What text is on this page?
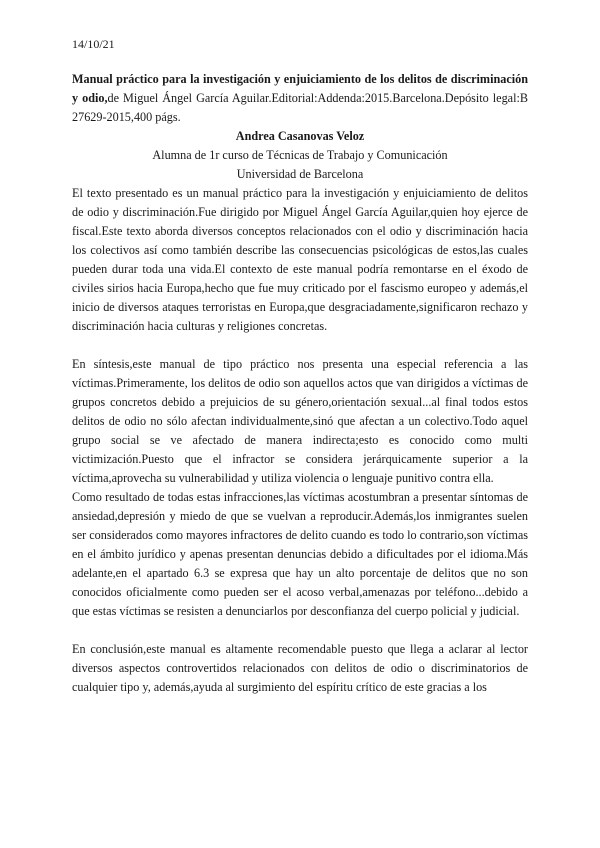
14/10/21

Manual práctico para la investigación y enjuiciamiento de los delitos de discriminación y odio,de Miguel Ángel García Aguilar.Editorial:Addenda:2015.Barcelona.Depósito legal:B 27629-2015,400 págs.

Andrea Casanovas Veloz

Alumna de 1r curso de Técnicas de Trabajo y Comunicación

Universidad de Barcelona

El texto presentado es un manual práctico para la investigación y enjuiciamiento de delitos de odio y discriminación.Fue dirigido por Miguel Ángel García Aguilar,quien hoy ejerce de fiscal.Este texto aborda diversos conceptos relacionados con el odio y discriminación hacia los colectivos así como también describe las consecuencias psicológicas de estos,las cuales pueden durar toda una vida.El contexto de este manual podría remontarse en el éxodo de civiles sirios hacia Europa,hecho que fue muy criticado por el fascismo europeo y además,el inicio de diversos ataques terroristas en Europa,que desgraciadamente,significaron rechazo y discriminación hacia culturas y religiones concretas.

En síntesis,este manual de tipo práctico nos presenta una especial referencia a las víctimas.Primeramente, los delitos de odio son aquellos actos que van dirigidos a víctimas de grupos concretos debido a prejuicios de su género,orientación sexual...al final todos estos delitos de odio no sólo afectan individualmente,sinó que afectan a un colectivo.Todo aquel grupo social se ve afectado de manera indirecta;esto es conocido como multi victimización.Puesto que el infractor se considera jerárquicamente superior a la víctima,aprovecha su vulnerabilidad y utiliza violencia o lenguaje punitivo contra ella.

Como resultado de todas estas infracciones,las víctimas acostumbran a presentar síntomas de ansiedad,depresión y miedo de que se vuelvan a reproducir.Además,los inmigrantes suelen ser considerados como mayores infractores de delito cuando es todo lo contrario,son víctimas en el ámbito jurídico y apenas presentan denuncias debido a dificultades por el idioma.Más adelante,en el apartado 6.3 se expresa que hay un alto porcentaje de delitos que no son conocidos oficialmente como pueden ser el acoso verbal,amenazas por teléfono...debido a que estas víctimas se resisten a denunciarlos por desconfianza del cuerpo policial y judicial.

En conclusión,este manual es altamente recomendable puesto que llega a aclarar al lector diversos aspectos controvertidos relacionados con delitos de odio o discriminatorios de cualquier tipo y, además,ayuda al surgimiento del espíritu crítico de este gracias a los
